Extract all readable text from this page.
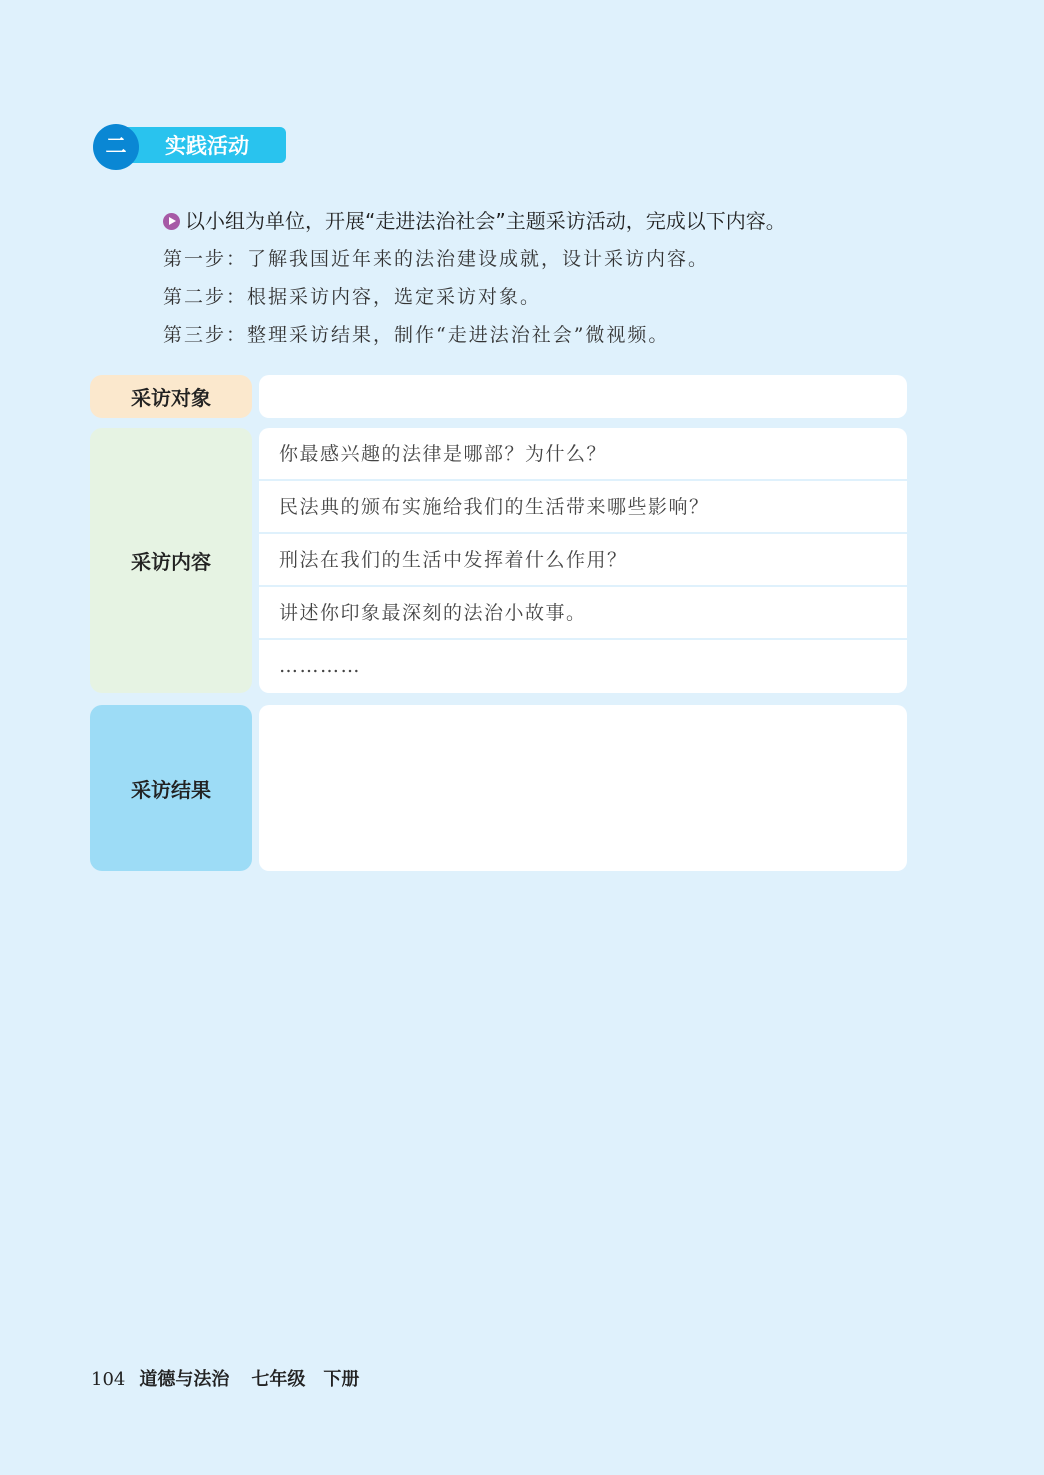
实践活动
二
以小组为单位，开展“走进法治社会”主题采访活动，完成以下内容。
第一步：了解我国近年来的法治建设成就，设计采访内容。
第二步：根据采访内容，选定采访对象。
第三步：整理采访结果，制作“走进法治社会”微视频。
采访对象
采访内容
你最感兴趣的法律是哪部？为什么？
民法典的颁布实施给我们的生活带来哪些影响？
刑法在我们的生活中发挥着什么作用？
讲述你印象最深刻的法治小故事。
…………
采访结果
104 道德与法治 七年级 下册
